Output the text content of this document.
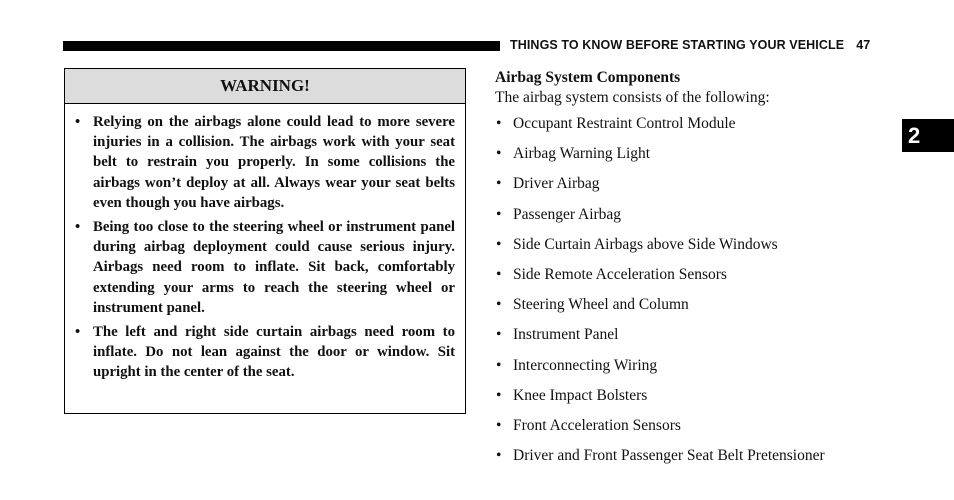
THINGS TO KNOW BEFORE STARTING YOUR VEHICLE 47
2
WARNING!
• Relying on the airbags alone could lead to more severe injuries in a collision. The airbags work with your seat belt to restrain you properly. In some collisions the airbags won’t deploy at all. Always wear your seat belts even though you have airbags.
• Being too close to the steering wheel or instrument panel during airbag deployment could cause serious injury. Airbags need room to inflate. Sit back, comfortably extending your arms to reach the steering wheel or instrument panel.
• The left and right side curtain airbags need room to inflate. Do not lean against the door or window. Sit upright in the center of the seat.

Airbag System Components

The airbag system consists of the following:

• Occupant Restraint Control Module
• Airbag Warning Light
• Driver Airbag
• Passenger Airbag
• Side Curtain Airbags above Side Windows
• Side Remote Acceleration Sensors
• Steering Wheel and Column
• Instrument Panel
• Interconnecting Wiring
• Knee Impact Bolsters
• Front Acceleration Sensors
• Driver and Front Passenger Seat Belt Pretensioner
